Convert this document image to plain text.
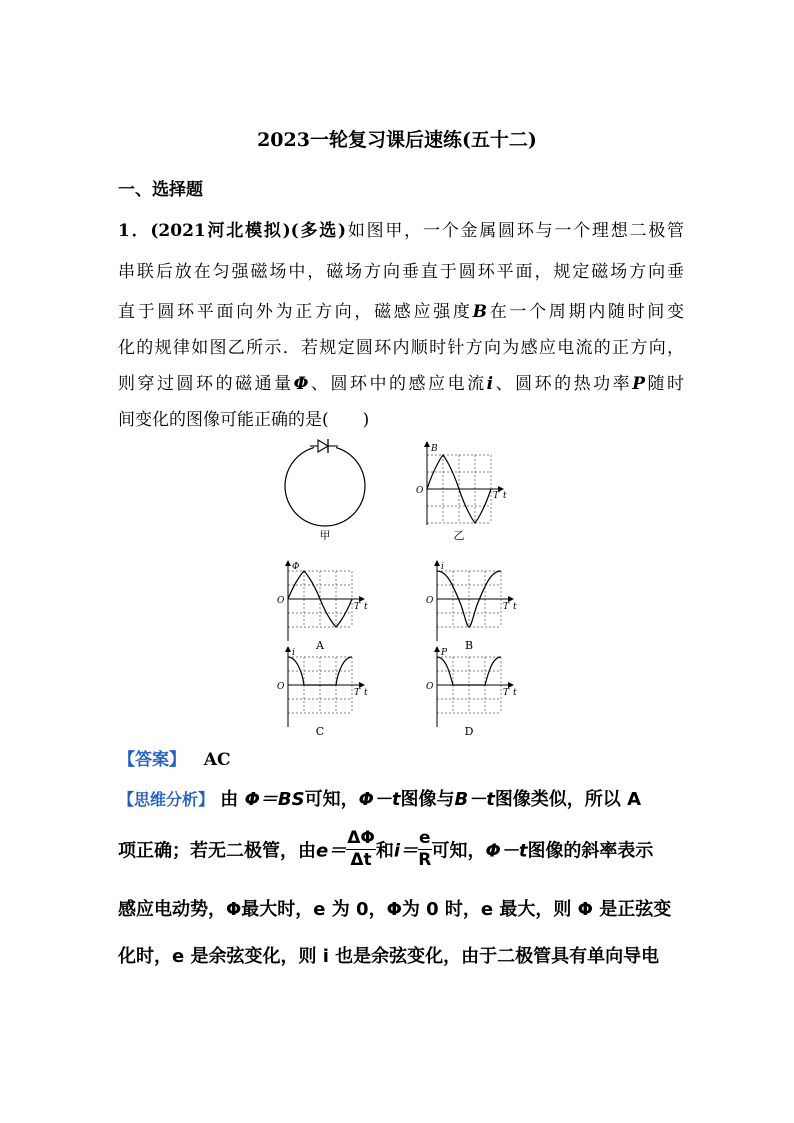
2023一轮复习课后速练(五十二)
一、选择题
1．(2021河北模拟)(多选)如图甲，一个金属圆环与一个理想二极管
串联后放在匀强磁场中，磁场方向垂直于圆环平面，规定磁场方向垂
直于圆环平面向外为正方向，磁感应强度B在一个周期内随时间变
化的规律如图乙所示．若规定圆环内顺时针方向为感应电流的正方向，
则穿过圆环的磁通量Φ、圆环中的感应电流i、圆环的热功率P随时
间变化的图像可能正确的是(　　)
甲
B
O	T t
乙
Φ
O
T t
A
i
O
T t
B
i
O
T t
C
P
O
T t
D
【答案】 AC
【思维分析】 由 Φ＝BS可知，Φ－t图像与B－t图像类似，所以 A
项正确；若无二极管，由$e= \frac{\Delta\Phi}{\Delta t}$ 和$i= \frac{e}{R}$ 可知，Φ－t图像的斜率表示
感应电动势，Φ最大时，e 为 0，Φ为 0 时，e 最大，则 Φ 是正弦变
化时，e 是余弦变化，则 i 也是余弦变化，由于二极管具有单向导电
